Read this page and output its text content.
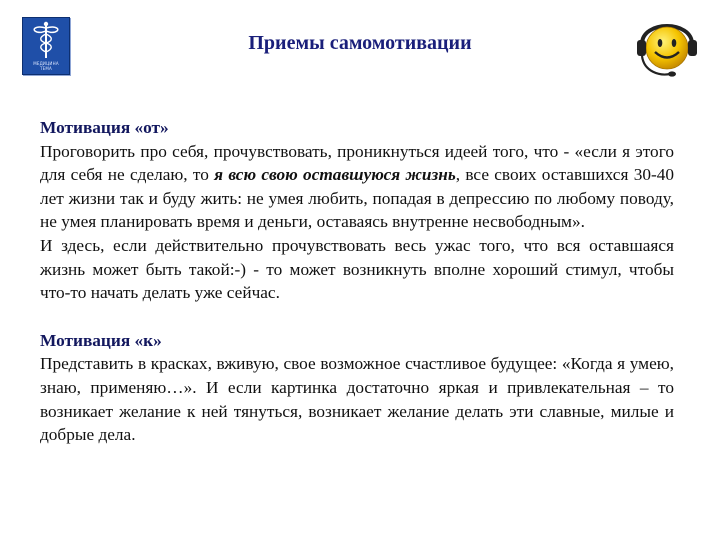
МЕДИЦИНА
ТЕМА
Приемы самомотивации

Мотивация «от»

Проговорить про себя, прочувствовать, проникнуться идеей того, что - «если я этого для себя не сделаю, то я всю свою оставшуюся жизнь, все своих оставшихся 30-40 лет жизни так и буду жить: не умея любить, попадая в депрессию по любому поводу, не умея планировать время и деньги, оставаясь внутренне несвободным».

И здесь, если действительно прочувствовать весь ужас того, что вся оставшаяся жизнь может быть такой:-) - то может возникнуть вполне хороший стимул, чтобы что-то начать делать уже сейчас.

Мотивация «к»

Представить в красках, вживую, свое возможное счастливое будущее: «Когда я умею, знаю, применяю…». И если картинка достаточно яркая и привлекательная – то возникает желание к ней тянуться, возникает желание делать эти славные, милые и добрые дела.
